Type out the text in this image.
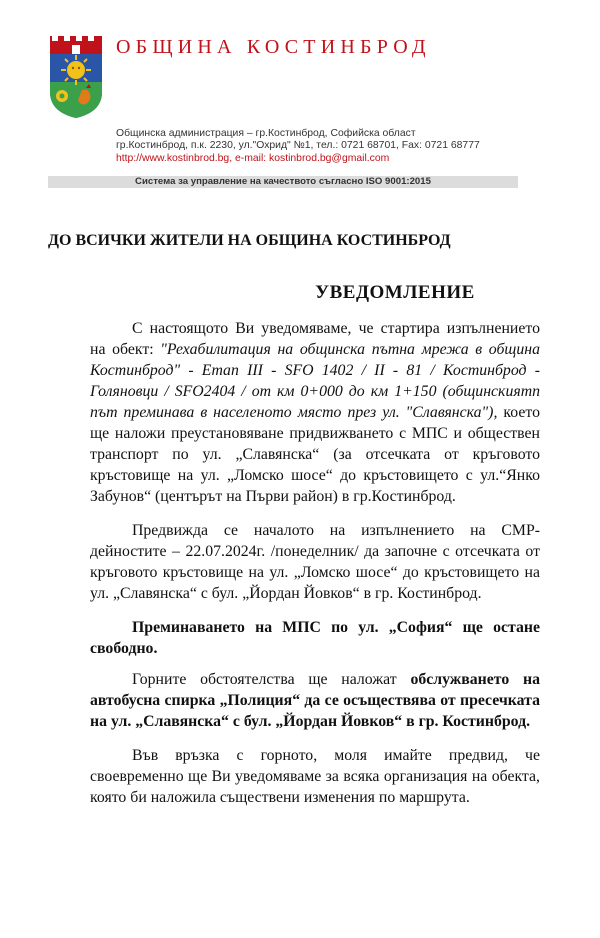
ОБЩИНА КОСТИНБРОД
Общинска администрация – гр.Костинброд, Софийска област
гр.Костинброд, п.к. 2230, ул."Охрид" №1, тел.: 0721 68701, Fax: 0721 68777
http://www.kostinbrod.bg, e-mail: kostinbrod.bg@gmail.com
Система за управление на качеството съгласно ISO 9001:2015
ДО ВСИЧКИ ЖИТЕЛИ НА ОБЩИНА КОСТИНБРОД
УВЕДОМЛЕНИЕ

С настоящото Ви уведомяваме, че стартира изпълнението на обект: "Рехабилитация на общинска пътна мрежа в община Костинброд" - Етап III - SFO 1402 / II - 81 / Костинброд - Голяновци / SFO2404 / от км 0+000 до км 1+150 (общинскиятп път преминава в населеното място през ул. "Славянска"), което ще наложи преустановяване придвижването с МПС и обществен транспорт по ул. „Славянска“ (за отсечката от кръговото кръстовище на ул. „Ломско шосе“ до кръстовището с ул.“Янко Забунов“ (центърът на Първи район) в гр.Костинброд.

Предвижда се началото на изпълнението на СМР-дейностите – 22.07.2024г. /понеделник/ да започне с отсечката от кръговото кръстовище на ул. „Ломско шосе“ до кръстовището на ул. „Славянска“ с бул. „Йордан Йовков“ в гр. Костинброд.

Преминаването на МПС по ул. „София“ ще остане свободно.

Горните обстоятелства ще наложат обслужването на автобусна спирка „Полиция“ да се осъществява от пресечката на ул. „Славянска“ с бул. „Йордан Йовков“ в гр. Костинброд.

Във връзка с горното, моля имайте предвид, че своевременно ще Ви уведомяваме за всяка организация на обекта, която би наложила съществени изменения по маршрута.
